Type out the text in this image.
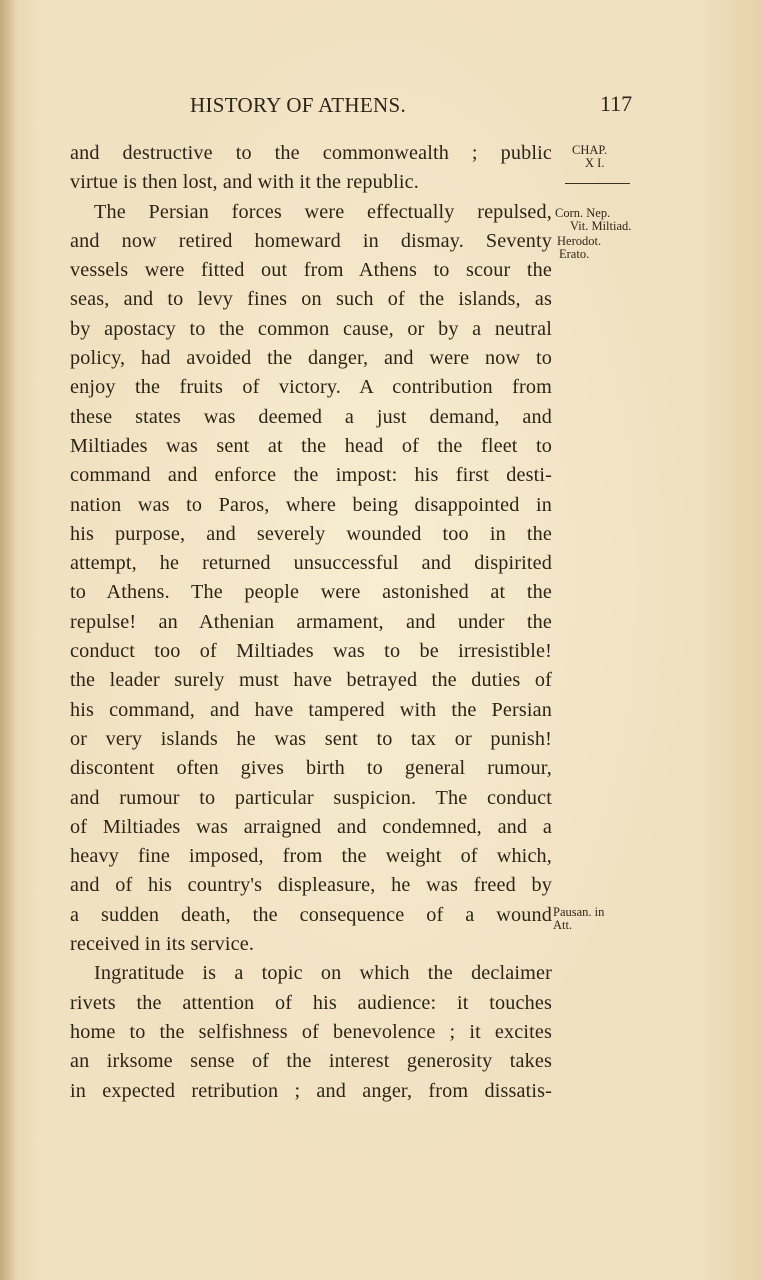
HISTORY OF ATHENS.	117
CHAP.
X I.
Corn. Nep.
Vit. Miltiad.
Herodot.
Erato.
Pausan. in
Att.
and destructive to the commonwealth ; public
virtue is then lost, and with it the republic.
The Persian forces were effectually repulsed,
and now retired homeward in dismay. Seventy
vessels were fitted out from Athens to scour the
seas, and to levy fines on such of the islands, as
by apostacy to the common cause, or by a neutral
policy, had avoided the danger, and were now to
enjoy the fruits of victory. A contribution from
these states was deemed a just demand, and
Miltiades was sent at the head of the fleet to
command and enforce the impost: his first desti-
nation was to Paros, where being disappointed in
his purpose, and severely wounded too in the
attempt, he returned unsuccessful and dispirited
to Athens. The people were astonished at the
repulse! an Athenian armament, and under the
conduct too of Miltiades was to be irresistible!
the leader surely must have betrayed the duties of
his command, and have tampered with the Persian
or very islands he was sent to tax or punish!
discontent often gives birth to general rumour,
and rumour to particular suspicion. The conduct
of Miltiades was arraigned and condemned, and a
heavy fine imposed, from the weight of which,
and of his country's displeasure, he was freed by
a sudden death, the consequence of a wound
received in its service.
Ingratitude is a topic on which the declaimer
rivets the attention of his audience: it touches
home to the selfishness of benevolence ; it excites
an irksome sense of the interest generosity takes
in expected retribution ; and anger, from dissatis-
